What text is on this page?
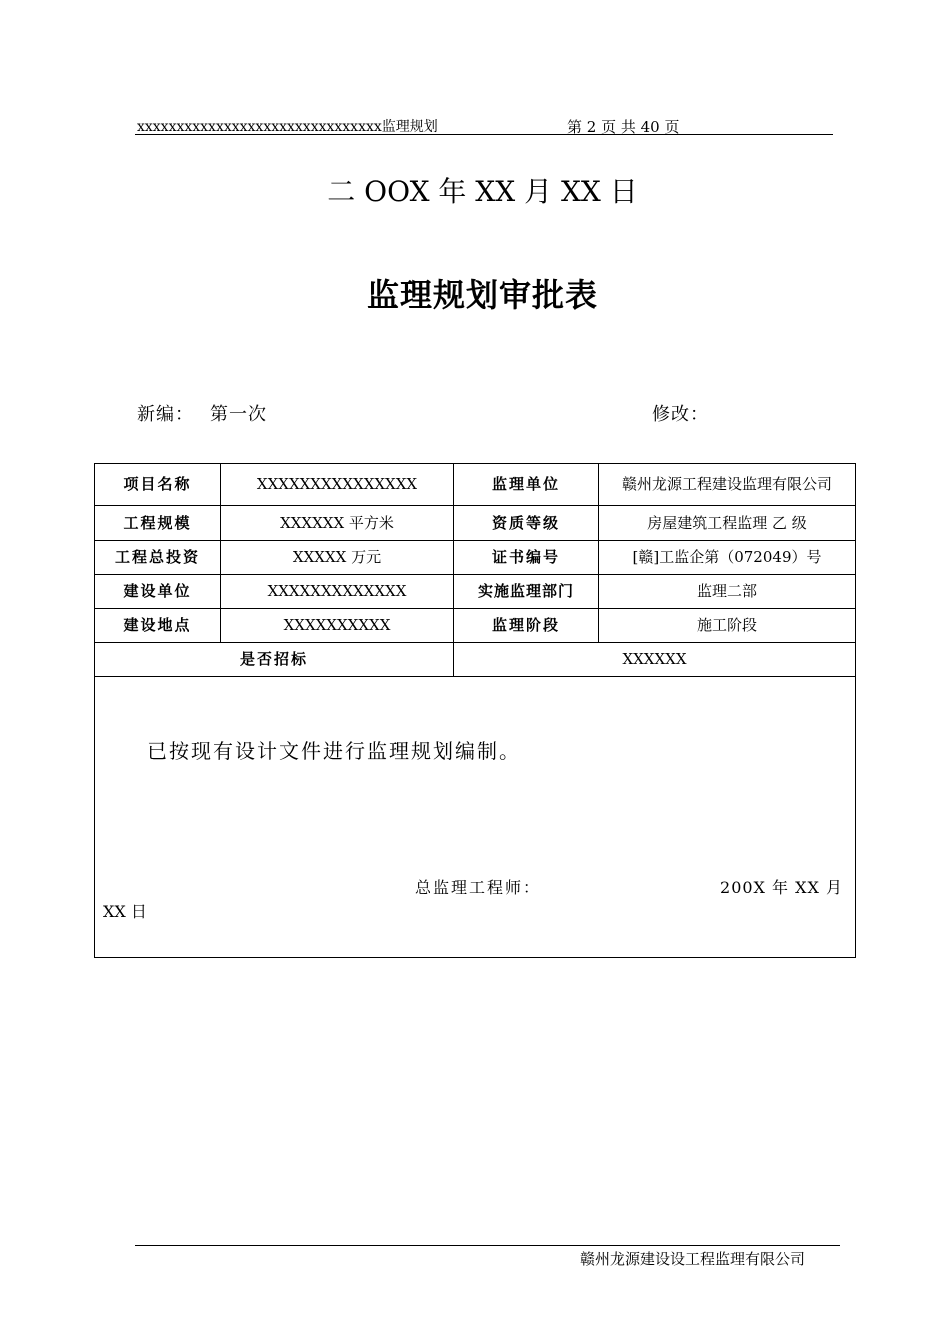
xxxxxxxxxxxxxxxxxxxxxxxxxxxxxxx监理规划	第 2 页 共 40 页
二 OOX 年 XX 月 XX 日
监理规划审批表
新编： 第一次	修改：
项目名称	XXXXXXXXXXXXXXX	监理单位	赣州龙源工程建设监理有限公司
工程规模	XXXXXX 平方米	资质等级	房屋建筑工程监理 乙 级
工程总投资	XXXXX 万元	证书编号	[赣]工监企第（072049）号
建设单位	XXXXXXXXXXXXX	实施监理部门	监理二部
建设地点	XXXXXXXXXX	监理阶段	施工阶段
是否招标		XXXXXX	

已按现有设计文件进行监理规划编制。
总监理工程师： 200X 年 XX 月
XX 日			
赣州龙源建设设工程监理有限公司
